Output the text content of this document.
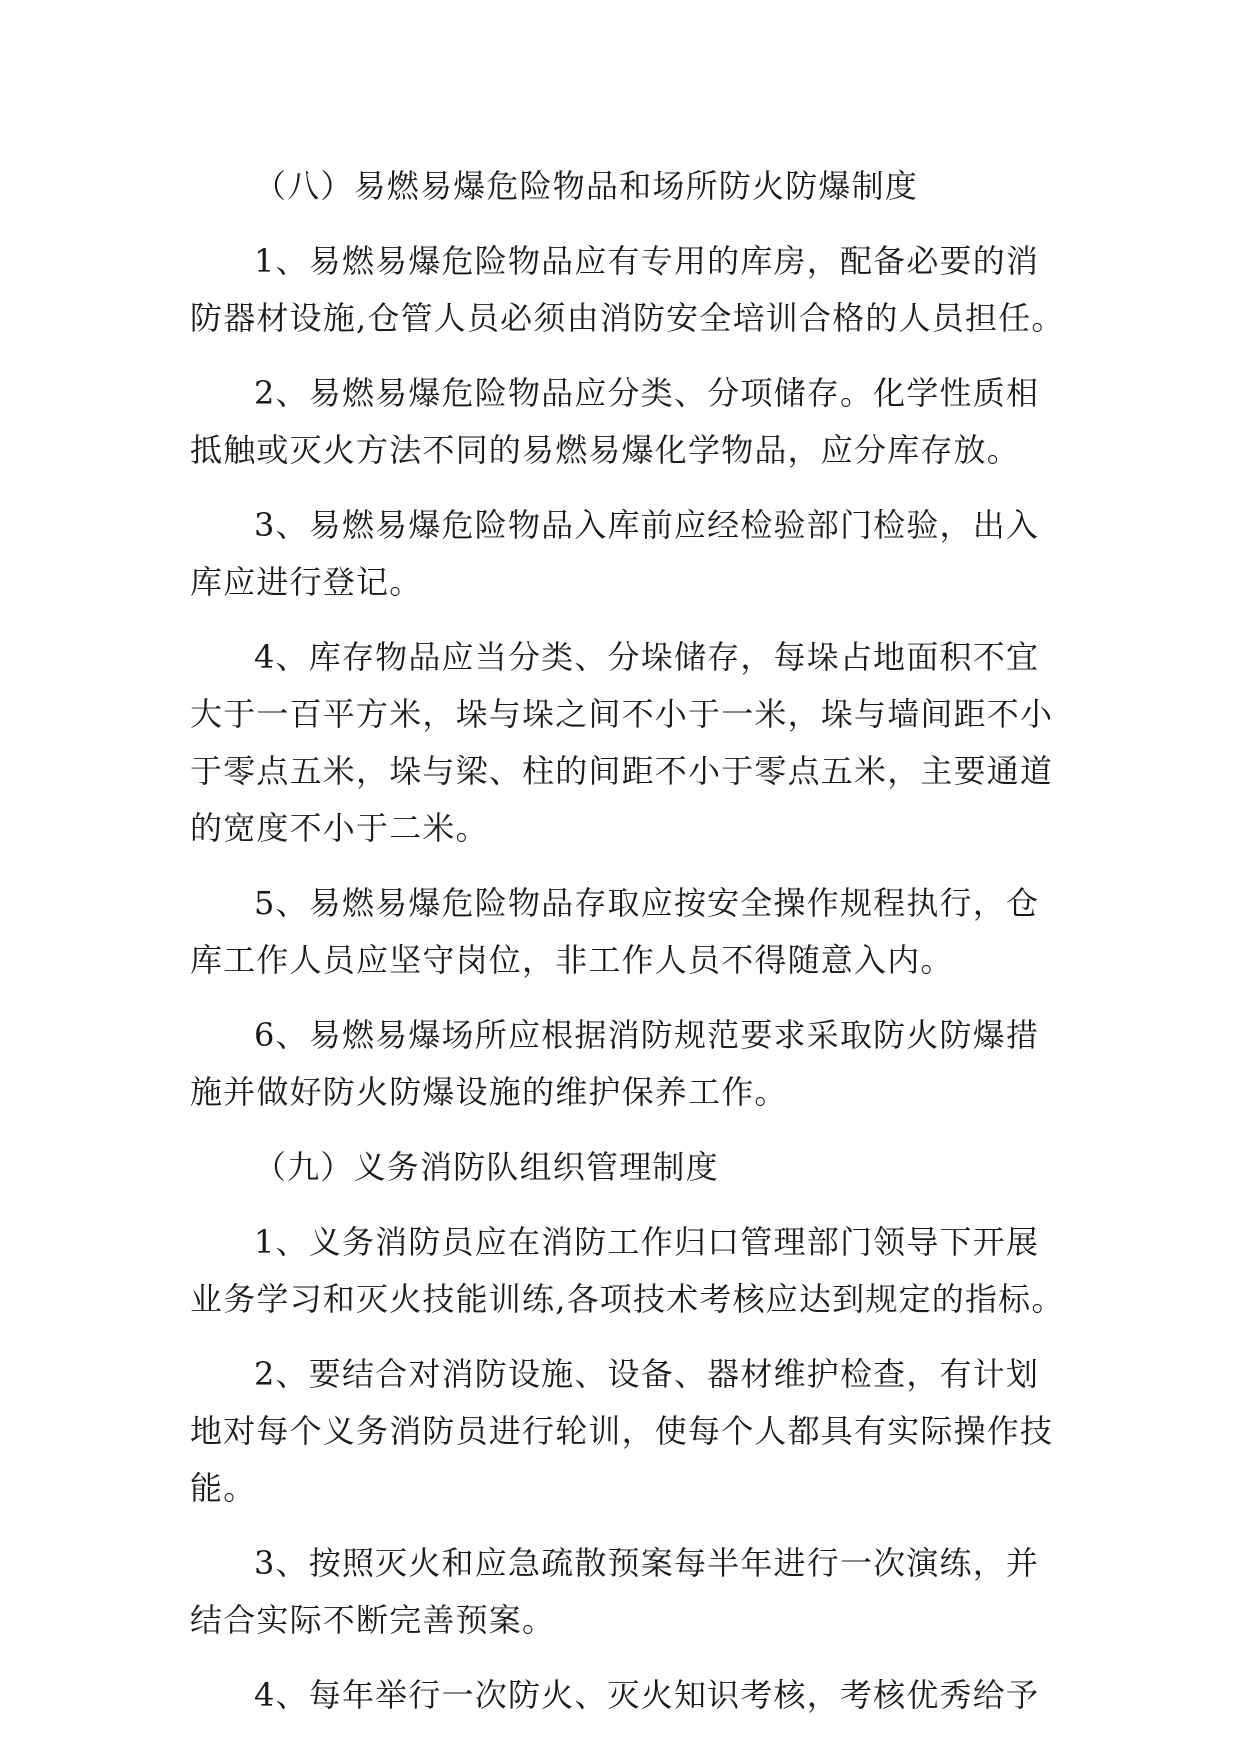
（八）易燃易爆危险物品和场所防火防爆制度
1、易燃易爆危险物品应有专用的库房，配备必要的消
防器材设施,仓管人员必须由消防安全培训合格的人员担任。
2、易燃易爆危险物品应分类、分项储存。化学性质相
抵触或灭火方法不同的易燃易爆化学物品，应分库存放。
3、易燃易爆危险物品入库前应经检验部门检验，出入
库应进行登记。
4、库存物品应当分类、分垛储存，每垛占地面积不宜
大于一百平方米，垛与垛之间不小于一米，垛与墙间距不小
于零点五米，垛与梁、柱的间距不小于零点五米，主要通道
的宽度不小于二米。
5、易燃易爆危险物品存取应按安全操作规程执行，仓
库工作人员应坚守岗位，非工作人员不得随意入内。
6、易燃易爆场所应根据消防规范要求采取防火防爆措
施并做好防火防爆设施的维护保养工作。
（九）义务消防队组织管理制度
1、义务消防员应在消防工作归口管理部门领导下开展
业务学习和灭火技能训练,各项技术考核应达到规定的指标。
2、要结合对消防设施、设备、器材维护检查，有计划
地对每个义务消防员进行轮训，使每个人都具有实际操作技
能。
3、按照灭火和应急疏散预案每半年进行一次演练，并
结合实际不断完善预案。
4、每年举行一次防火、灭火知识考核，考核优秀给予
